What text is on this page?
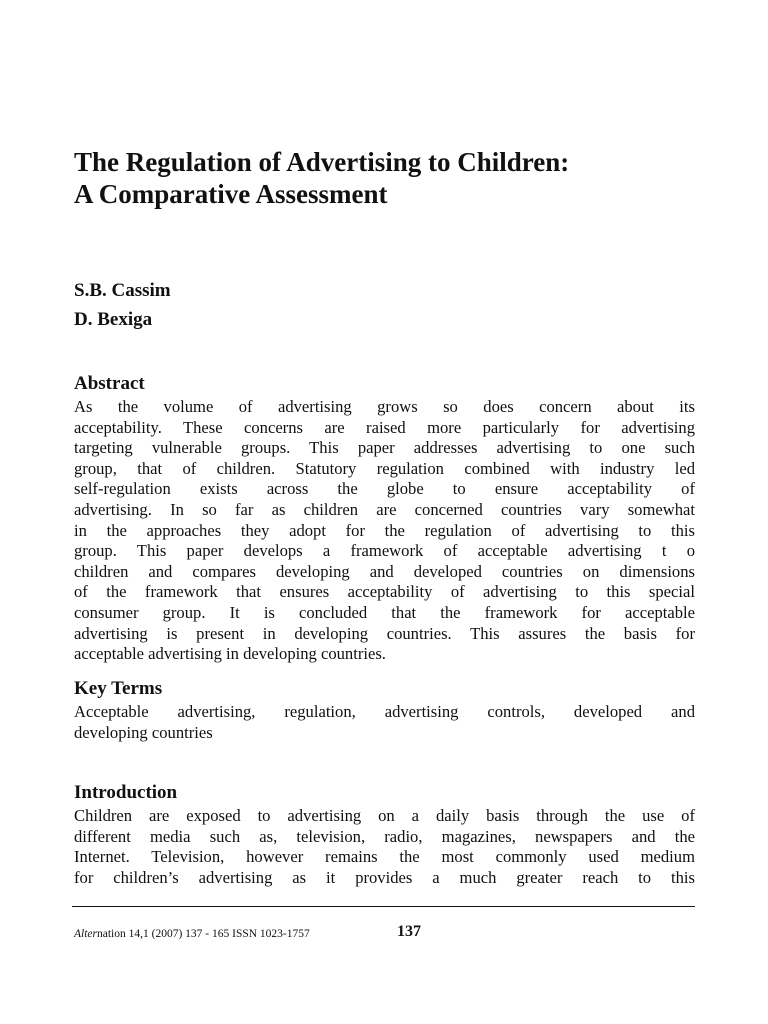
The Regulation of Advertising to Children:
A Comparative Assessment
S.B. Cassim
D. Bexiga
Abstract
As the volume of advertising grows so does concern about its
acceptability. These concerns are raised more particularly for advertising
targeting vulnerable groups. This paper addresses advertising to one such
group, that of children. Statutory regulation combined with industry led
self-regulation exists across the globe to ensure acceptability of
advertising. In so far as children are concerned countries vary somewhat
in the approaches they adopt for the regulation of advertising to this
group. This paper develops a framework of acceptable advertising t o
children and compares developing and developed countries on dimensions
of the framework that ensures acceptability of advertising to this special
consumer group. It is concluded that the framework for acceptable
advertising is present in developing countries. This assures the basis for
acceptable advertising in developing countries.
Key Terms
Acceptable advertising, regulation, advertising controls, developed and
developing countries
Introduction
Children are exposed to advertising on a daily basis through the use of
different media such as, television, radio, magazines, newspapers and the
Internet. Television, however remains the most commonly used medium
for children’s advertising as it provides a much greater reach to this
Alternation 14,1 (2007) 137 - 165 ISSN 1023-1757	137
